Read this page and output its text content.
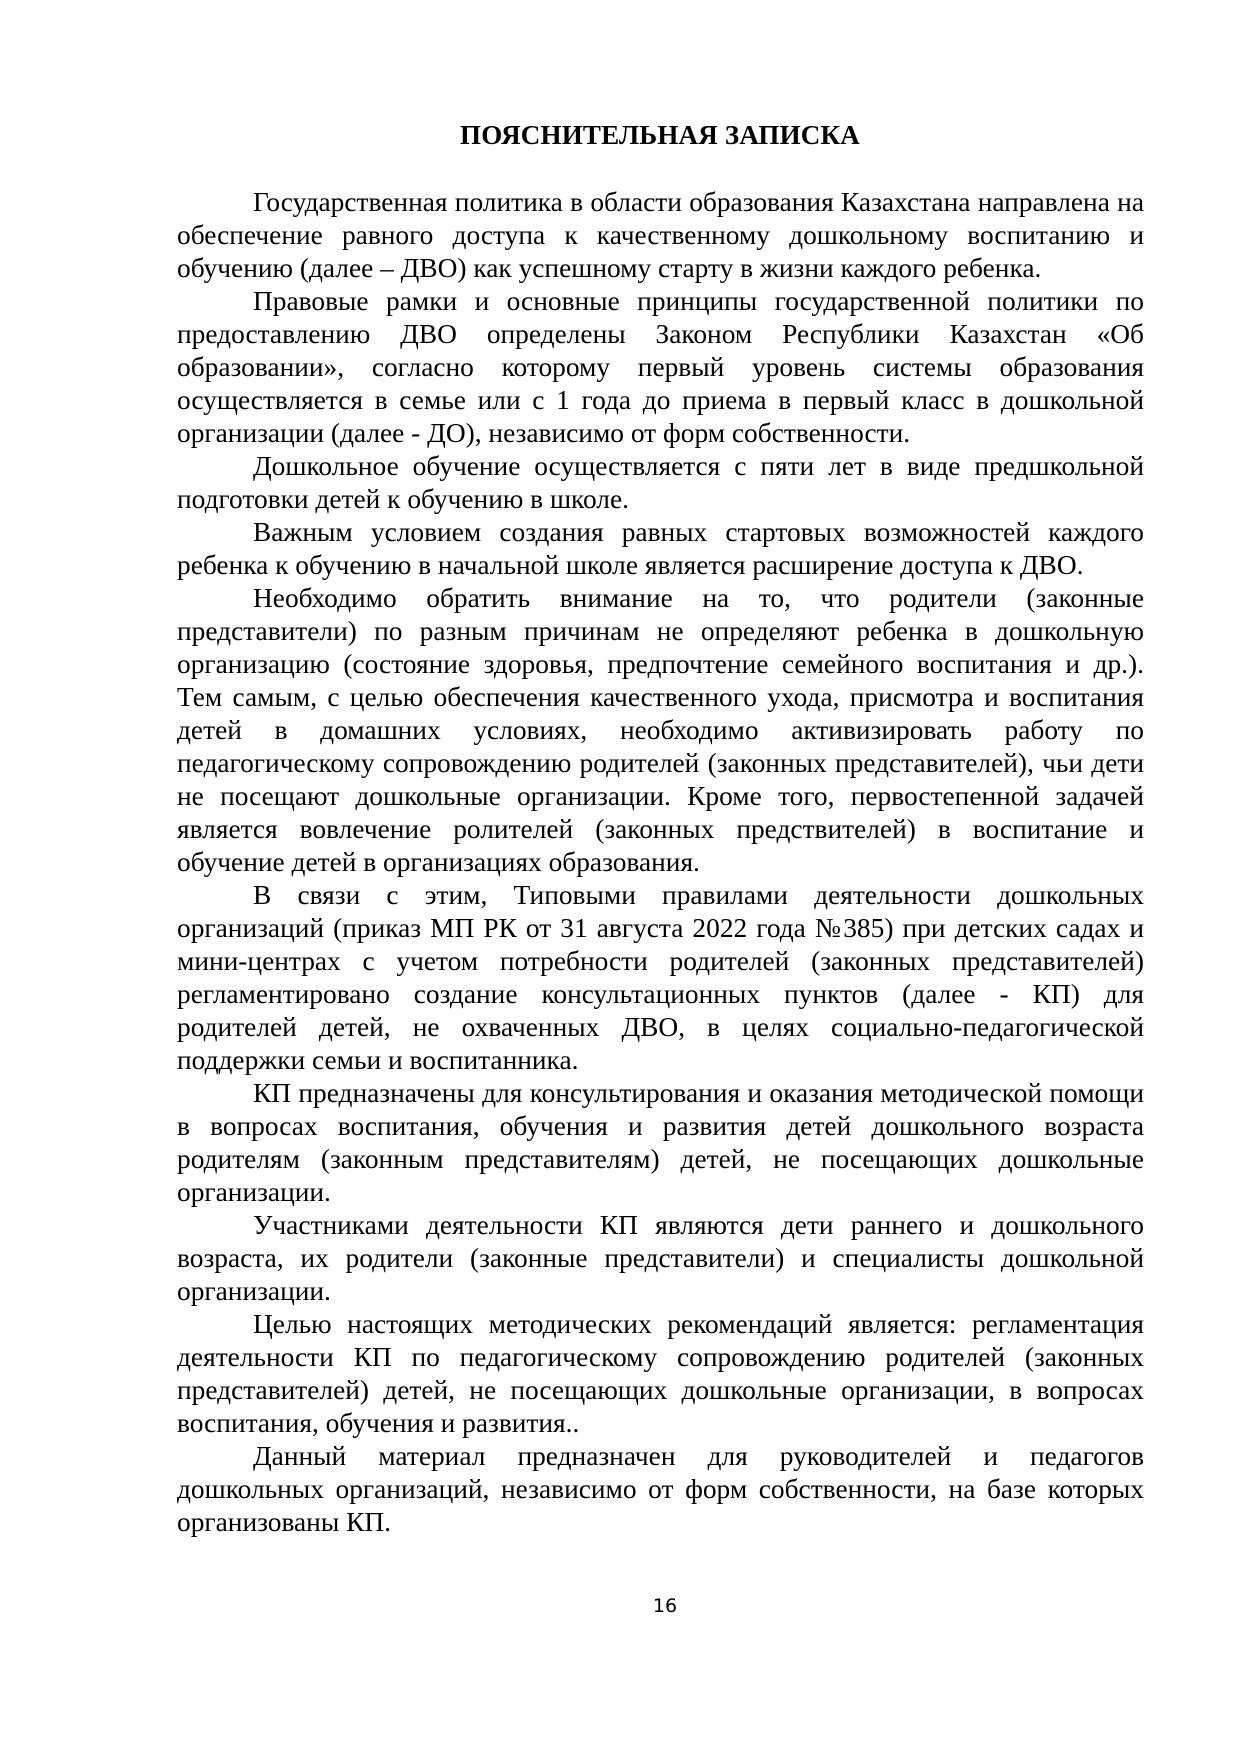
ПОЯСНИТЕЛЬНАЯ ЗАПИСКА

Государственная политика в области образования Казахстана направлена на обеспечение равного доступа к качественному дошкольному воспитанию и обучению (далее – ДВО) как успешному старту в жизни каждого ребенка.

Правовые рамки и основные принципы государственной политики по предоставлению ДВО определены Законом Республики Казахстан «Об образовании», согласно которому первый уровень системы образования осуществляется в семье или с 1 года до приема в первый класс в дошкольной организации (далее - ДО), независимо от форм собственности.

Дошкольное обучение осуществляется с пяти лет в виде предшкольной подготовки детей к обучению в школе.

Важным условием создания равных стартовых возможностей каждого ребенка к обучению в начальной школе является расширение доступа к ДВО.

Необходимо обратить внимание на то, что родители (законные представители) по разным причинам не определяют ребенка в дошкольную организацию (состояние здоровья, предпочтение семейного воспитания и др.). Тем самым, с целью обеспечения качественного ухода, присмотра и воспитания детей в домашних условиях, необходимо активизировать работу по педагогическому сопровождению родителей (законных представителей), чьи дети не посещают дошкольные организации. Кроме того, первостепенной задачей является вовлечение ролителей (законных предствителей) в воспитание и обучение детей в организациях образования.

В связи с этим, Типовыми правилами деятельности дошкольных организаций (приказ МП РК от 31 августа 2022 года №385) при детских садах и мини-центрах с учетом потребности родителей (законных представителей) регламентировано создание консультационных пунктов (далее - КП) для родителей детей, не охваченных ДВО, в целях социально-педагогической поддержки семьи и воспитанника.

КП предназначены для консультирования и оказания методической помощи в вопросах воспитания, обучения и развития детей дошкольного возраста родителям (законным представителям) детей, не посещающих дошкольные организации.

Участниками деятельности КП являются дети раннего и дошкольного возраста, их родители (законные представители) и специалисты дошкольной организации.

Целью настоящих методических рекомендаций является: регламентация деятельности КП по педагогическому сопровождению родителей (законных представителей) детей, не посещающих дошкольные организации, в вопросах воспитания, обучения и развития..

Данный материал предназначен для руководителей и педагогов дошкольных организаций, независимо от форм собственности, на базе которых организованы КП.

16
